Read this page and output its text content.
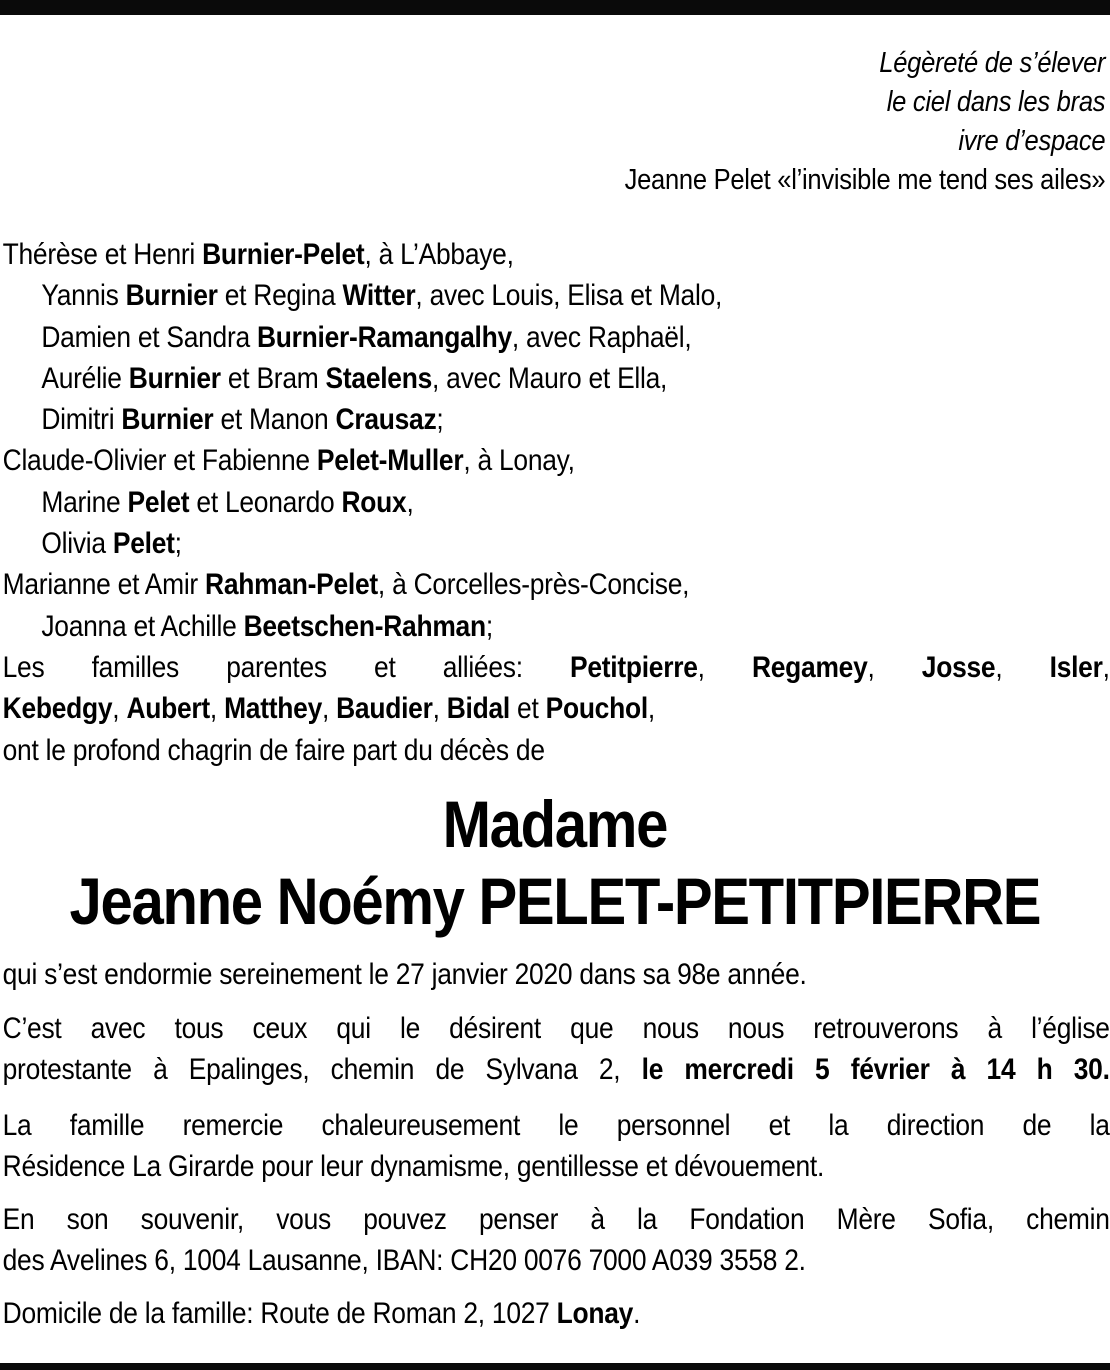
Légèreté de s’élever
le ciel dans les bras
ivre d’espace
Jeanne Pelet «l’invisible me tend ses ailes»
Thérèse et Henri Burnier-Pelet, à L’Abbaye,
Yannis Burnier et Regina Witter, avec Louis, Elisa et Malo,
Damien et Sandra Burnier-Ramangalhy, avec Raphaël,
Aurélie Burnier et Bram Staelens, avec Mauro et Ella,
Dimitri Burnier et Manon Crausaz;
Claude-Olivier et Fabienne Pelet-Muller, à Lonay,
Marine Pelet et Leonardo Roux,
Olivia Pelet;
Marianne et Amir Rahman-Pelet, à Corcelles-près-Concise,
Joanna et Achille Beetschen-Rahman;
Les familles parentes et alliées: Petitpierre, Regamey, Josse, Isler,
Kebedgy, Aubert, Matthey, Baudier, Bidal et Pouchol,
ont le profond chagrin de faire part du décès de
Madame
Jeanne Noémy PELET-PETITPIERRE
qui s’est endormie sereinement le 27 janvier 2020 dans sa 98e année.
C’est avec tous ceux qui le désirent que nous nous retrouverons à l’église
protestante à Epalinges, chemin de Sylvana 2, le mercredi 5 février à 14 h 30.
La famille remercie chaleureusement le personnel et la direction de la
Résidence La Girarde pour leur dynamisme, gentillesse et dévouement.
En son souvenir, vous pouvez penser à la Fondation Mère Sofia, chemin
des Avelines 6, 1004 Lausanne, IBAN: CH20 0076 7000 A039 3558 2.
Domicile de la famille: Route de Roman 2, 1027 Lonay.
